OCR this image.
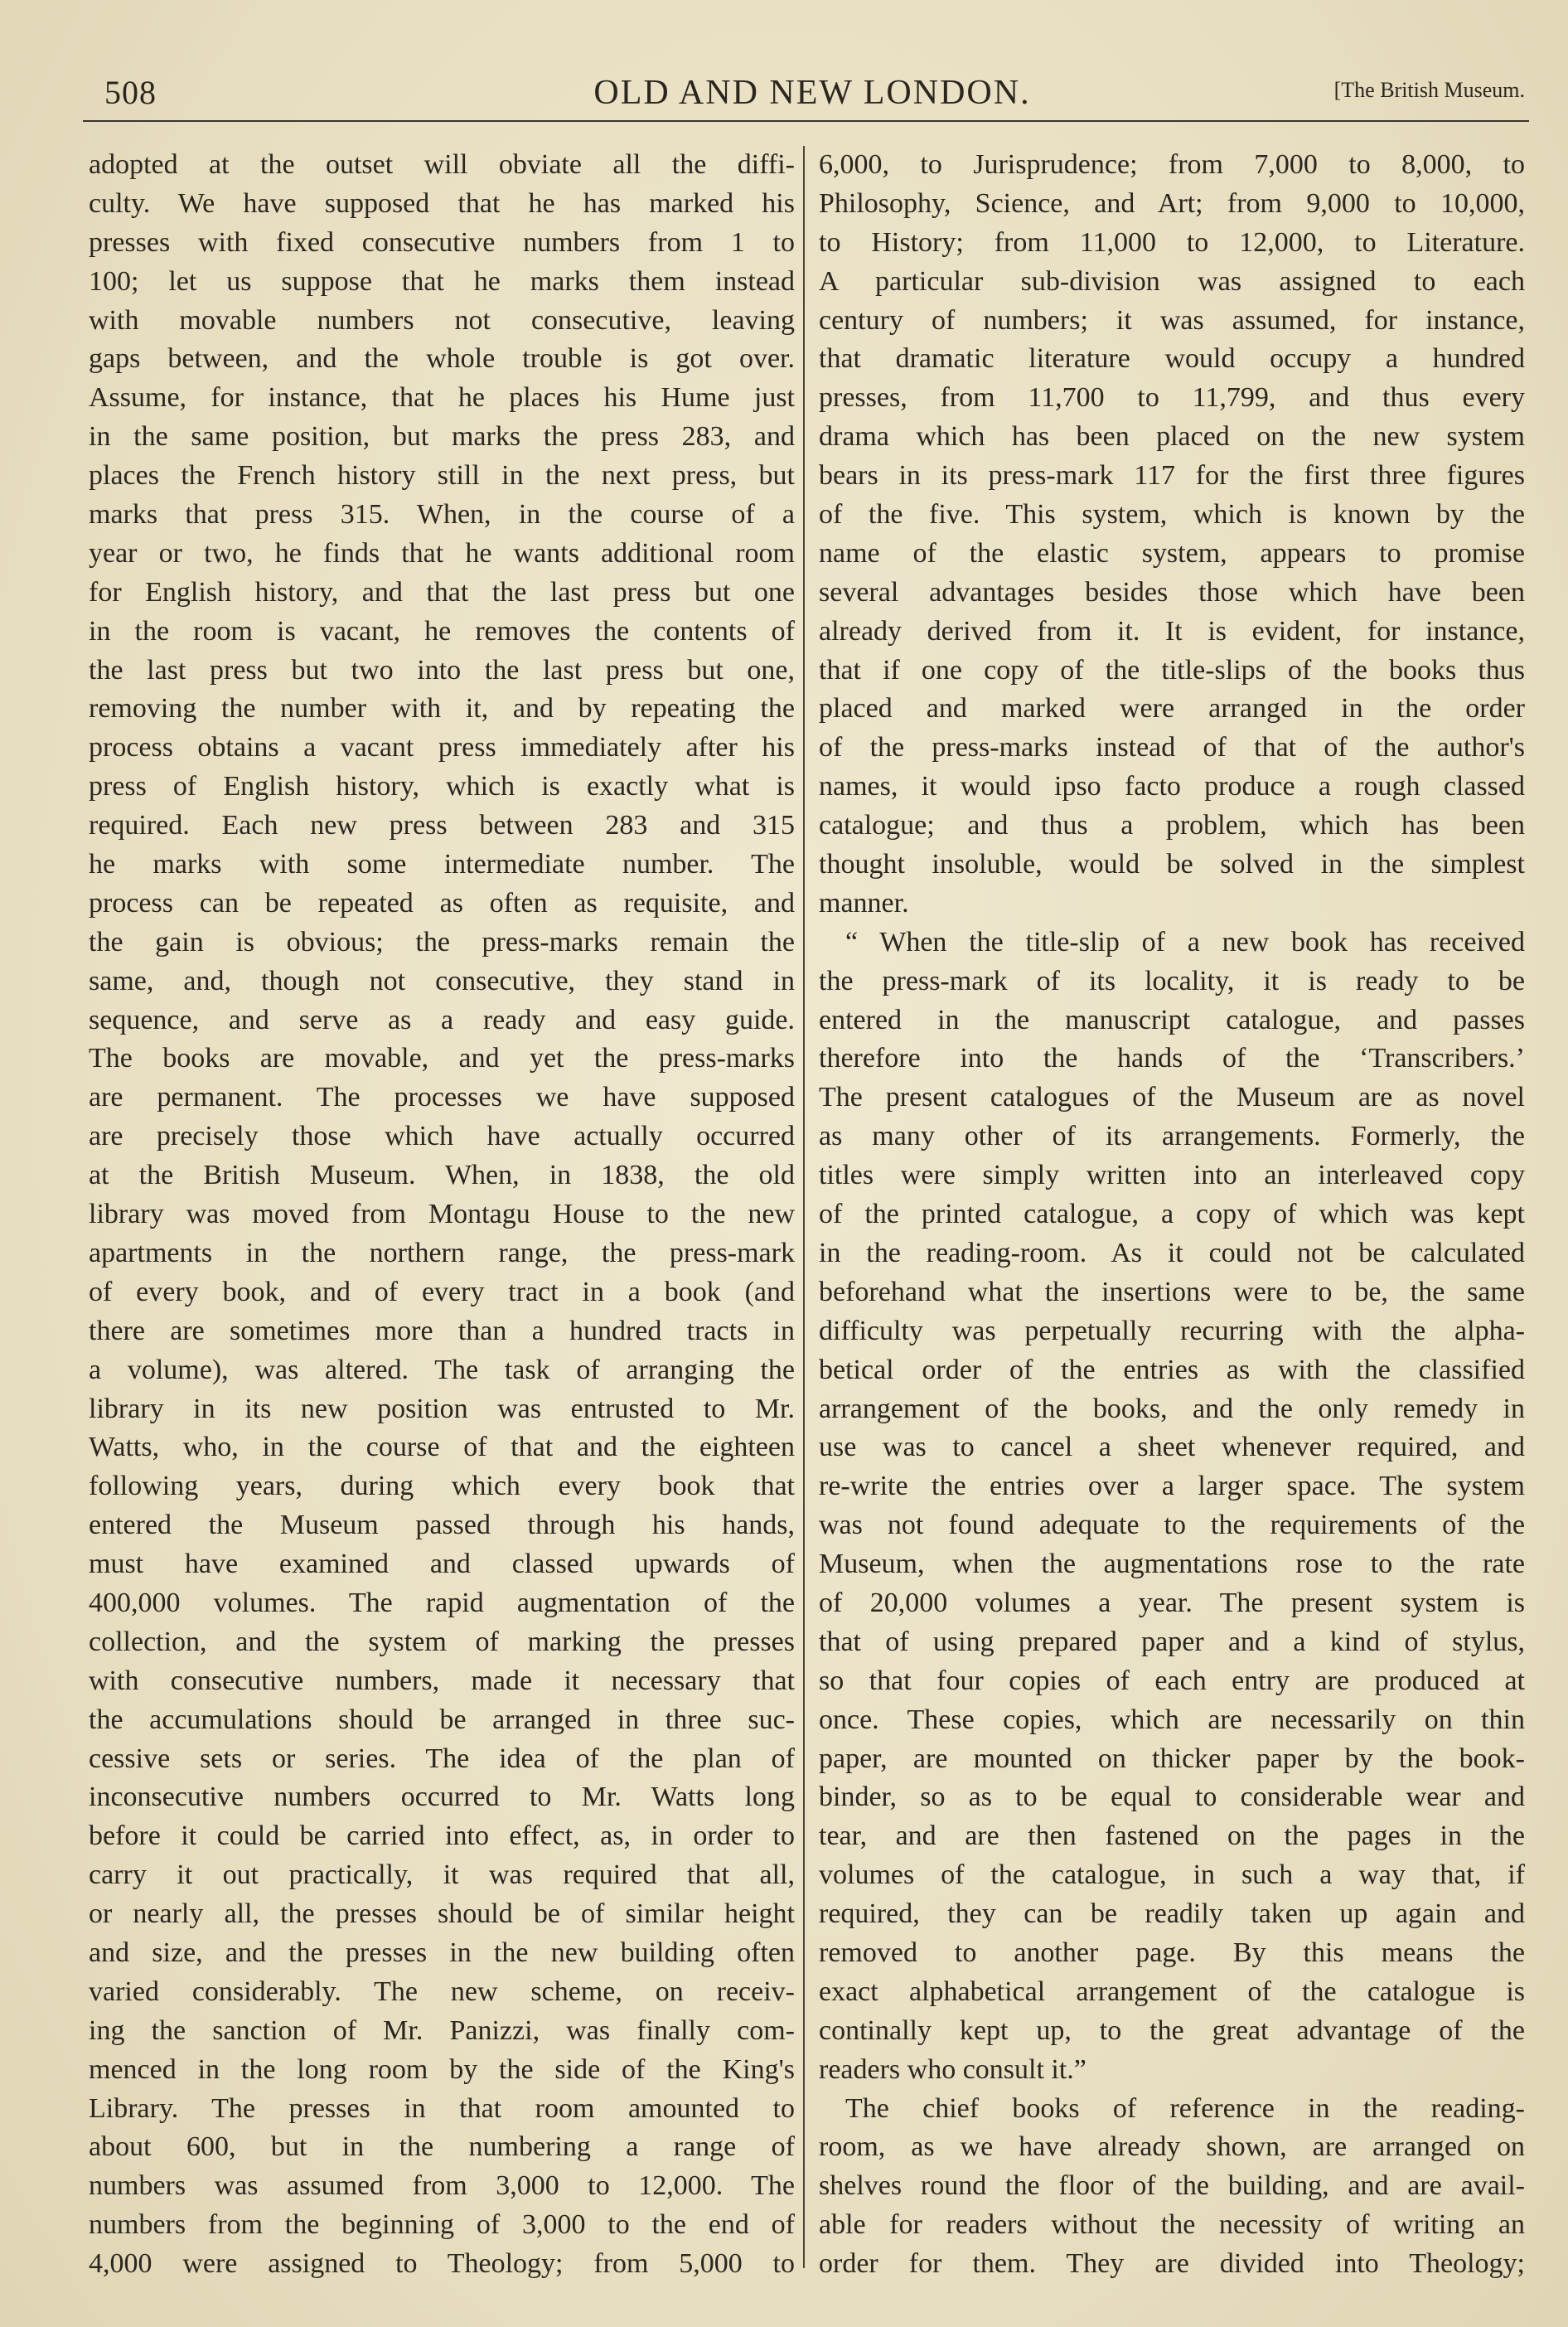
508	OLD AND NEW LONDON.	[The British Museum.
adopted at the outset will obviate all the diffi-
culty. We have supposed that he has marked his
presses with fixed consecutive numbers from 1 to
100; let us suppose that he marks them instead
with movable numbers not consecutive, leaving
gaps between, and the whole trouble is got over.
Assume, for instance, that he places his Hume just
in the same position, but marks the press 283, and
places the French history still in the next press, but
marks that press 315. When, in the course of a
year or two, he finds that he wants additional room
for English history, and that the last press but one
in the room is vacant, he removes the contents of
the last press but two into the last press but one,
removing the number with it, and by repeating the
process obtains a vacant press immediately after his
press of English history, which is exactly what is
required. Each new press between 283 and 315
he marks with some intermediate number. The
process can be repeated as often as requisite, and
the gain is obvious; the press-marks remain the
same, and, though not consecutive, they stand in
sequence, and serve as a ready and easy guide.
The books are movable, and yet the press-marks
are permanent. The processes we have supposed
are precisely those which have actually occurred
at the British Museum. When, in 1838, the old
library was moved from Montagu House to the new
apartments in the northern range, the press-mark
of every book, and of every tract in a book (and
there are sometimes more than a hundred tracts in
a volume), was altered. The task of arranging the
library in its new position was entrusted to Mr.
Watts, who, in the course of that and the eighteen
following years, during which every book that
entered the Museum passed through his hands,
must have examined and classed upwards of
400,000 volumes. The rapid augmentation of the
collection, and the system of marking the presses
with consecutive numbers, made it necessary that
the accumulations should be arranged in three suc-
cessive sets or series. The idea of the plan of
inconsecutive numbers occurred to Mr. Watts long
before it could be carried into effect, as, in order to
carry it out practically, it was required that all,
or nearly all, the presses should be of similar height
and size, and the presses in the new building often
varied considerably. The new scheme, on receiv-
ing the sanction of Mr. Panizzi, was finally com-
menced in the long room by the side of the King's
Library. The presses in that room amounted to
about 600, but in the numbering a range of
numbers was assumed from 3,000 to 12,000. The
numbers from the beginning of 3,000 to the end of
4,000 were assigned to Theology; from 5,000 to
6,000, to Jurisprudence; from 7,000 to 8,000, to
Philosophy, Science, and Art; from 9,000 to 10,000,
to History; from 11,000 to 12,000, to Literature.
A particular sub-division was assigned to each
century of numbers; it was assumed, for instance,
that dramatic literature would occupy a hundred
presses, from 11,700 to 11,799, and thus every
drama which has been placed on the new system
bears in its press-mark 117 for the first three figures
of the five. This system, which is known by the
name of the elastic system, appears to promise
several advantages besides those which have been
already derived from it. It is evident, for instance,
that if one copy of the title-slips of the books thus
placed and marked were arranged in the order
of the press-marks instead of that of the author's
names, it would ipso facto produce a rough classed
catalogue; and thus a problem, which has been
thought insoluble, would be solved in the simplest
manner.
“ When the title-slip of a new book has received
the press-mark of its locality, it is ready to be
entered in the manuscript catalogue, and passes
therefore into the hands of the ‘Transcribers.’
The present catalogues of the Museum are as novel
as many other of its arrangements. Formerly, the
titles were simply written into an interleaved copy
of the printed catalogue, a copy of which was kept
in the reading-room. As it could not be calculated
beforehand what the insertions were to be, the same
difficulty was perpetually recurring with the alpha-
betical order of the entries as with the classified
arrangement of the books, and the only remedy in
use was to cancel a sheet whenever required, and
re-write the entries over a larger space. The system
was not found adequate to the requirements of the
Museum, when the augmentations rose to the rate
of 20,000 volumes a year. The present system is
that of using prepared paper and a kind of stylus,
so that four copies of each entry are produced at
once. These copies, which are necessarily on thin
paper, are mounted on thicker paper by the book-
binder, so as to be equal to considerable wear and
tear, and are then fastened on the pages in the
volumes of the catalogue, in such a way that, if
required, they can be readily taken up again and
removed to another page. By this means the
exact alphabetical arrangement of the catalogue is
continally kept up, to the great advantage of the
readers who consult it.”
The chief books of reference in the reading-
room, as we have already shown, are arranged on
shelves round the floor of the building, and are avail-
able for readers without the necessity of writing an
order for them. They are divided into Theology;
